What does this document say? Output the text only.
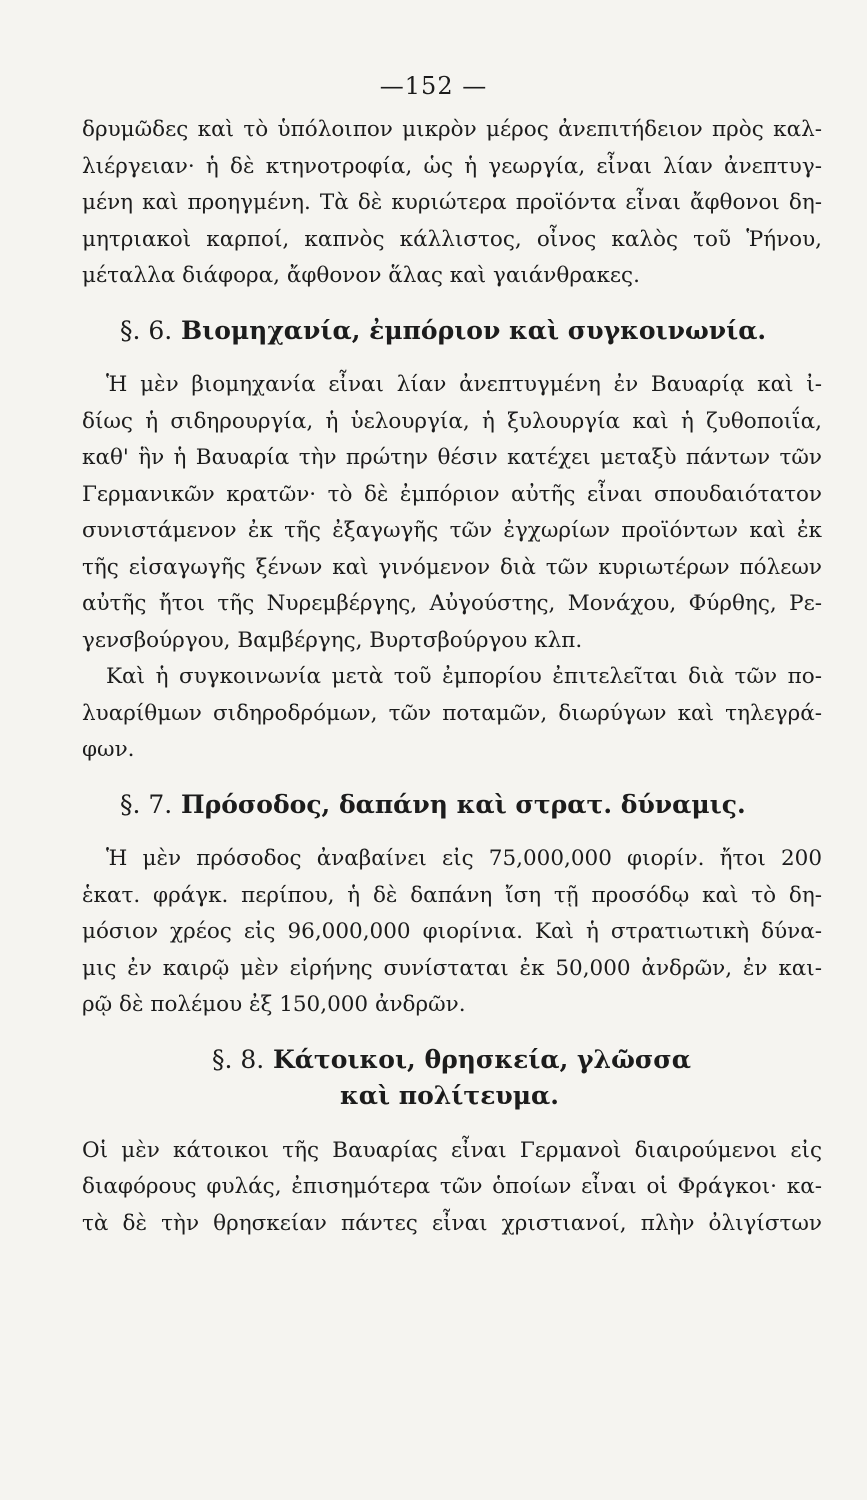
—152 —
δρυμῶδες καὶ τὸ ὑπόλοιπον μικρὸν μέρος ἀνεπιτήδειον πρὸς καλ-
λιέργειαν· ἡ δὲ κτηνοτροφία, ὡς ἡ γεωργία, εἶναι λίαν ἀνεπτυγ-
μένη καὶ προηγμένη. Τὰ δὲ κυριώτερα προϊόντα εἶναι ἄφθονοι δη-
μητριακοὶ καρποί, καπνὸς κάλλιστος, οἶνος καλὸς τοῦ Ῥήνου,
μέταλλα διάφορα, ἄφθονον ἅλας καὶ γαιάνθρακες.
§. 6. Βιομηχανία, ἐμπόριον καὶ συγκοινωνία.
Ἡ μὲν βιομηχανία εἶναι λίαν ἀνεπτυγμένη ἐν Βαυαρίᾳ καὶ ἰ-
δίως ἡ σιδηρουργία, ἡ ὑελουργία, ἡ ξυλουργία καὶ ἡ ζυθοποιΐα,
καθ' ἣν ἡ Βαυαρία τὴν πρώτην θέσιν κατέχει μεταξὺ πάντων τῶν
Γερμανικῶν κρατῶν· τὸ δὲ ἐμπόριον αὐτῆς εἶναι σπουδαιότατον
συνιστάμενον ἐκ τῆς ἐξαγωγῆς τῶν ἐγχωρίων προϊόντων καὶ ἐκ
τῆς εἰσαγωγῆς ξένων καὶ γινόμενον διὰ τῶν κυριωτέρων πόλεων
αὐτῆς ἤτοι τῆς Νυρεμβέργης, Αὐγούστης, Μονάχου, Φύρθης, Ρε-
γενσβούργου, Βαμβέργης, Βυρτσβούργου κλπ.
Καὶ ἡ συγκοινωνία μετὰ τοῦ ἐμπορίου ἐπιτελεῖται διὰ τῶν πο-
λυαρίθμων σιδηροδρόμων, τῶν ποταμῶν, διωρύγων καὶ τηλεγρά-
φων.
§. 7. Πρόσοδος, δαπάνη καὶ στρατ. δύναμις.
Ἡ μὲν πρόσοδος ἀναβαίνει εἰς 75,000,000 φιορίν. ἤτοι 200
ἑκατ. φράγκ. περίπου, ἡ δὲ δαπάνη ἴση τῇ προσόδῳ καὶ τὸ δη-
μόσιον χρέος εἰς 96,000,000 φιορίνια. Καὶ ἡ στρατιωτικὴ δύνα-
μις ἐν καιρῷ μὲν εἰρήνης συνίσταται ἐκ 50,000 ἀνδρῶν, ἐν και-
ρῷ δὲ πολέμου ἐξ 150,000 ἀνδρῶν.
§. 8. Κάτοικοι, θρησκεία, γλῶσσα
καὶ πολίτευμα.
Οἱ μὲν κάτοικοι τῆς Βαυαρίας εἶναι Γερμανοὶ διαιρούμενοι εἰς
διαφόρους φυλάς, ἐπισημότερα τῶν ὁποίων εἶναι οἱ Φράγκοι· κα-
τὰ δὲ τὴν θρησκείαν πάντες εἶναι χριστιανοί, πλὴν ὀλιγίστων
